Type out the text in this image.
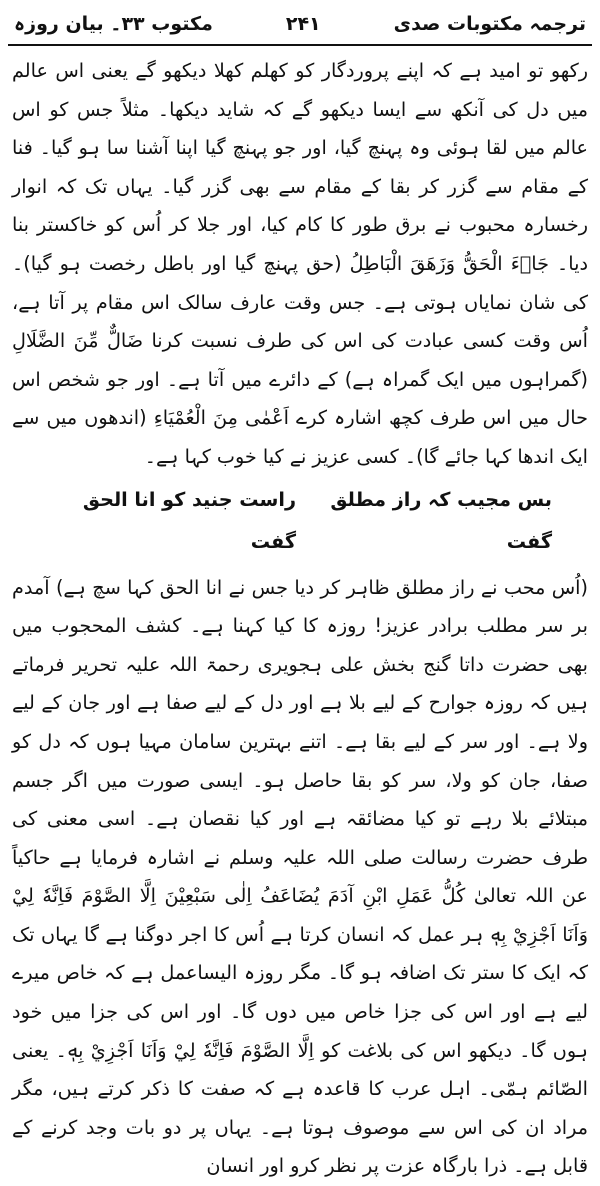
ترجمہ مکتوبات صدی
۲۴۱
مکتوب ۳۳۔ بیان روزہ

رکھو تو امید ہے کہ اپنے پروردگار کو کھلم کھلا دیکھو گے یعنی اس عالم میں دل کی آنکھ سے ایسا دیکھو گے کہ شاید دیکھا۔ مثلاً جس کو اس عالم میں لقا ہوئی وہ پہنچ گیا، اور جو پہنچ گیا اپنا آشنا سا ہو گیا۔ فنا کے مقام سے گزر کر بقا کے مقام سے بھی گزر گیا۔ یہاں تک کہ انوار رخسارہ محبوب نے برق طور کا کام کیا، اور جلا کر اُس کو خاکستر بنا دیا۔ جَاۗءَ الْحَقُّ وَزَهَقَ الْبَاطِلُ (حق پہنچ گیا اور باطل رخصت ہو گیا)۔ کی شان نمایاں ہوتی ہے۔ جس وقت عارف سالک اس مقام پر آتا ہے، اُس وقت کسی عبادت کی اس کی طرف نسبت کرنا ضَالٌّ مِّنَ الضَّلَالِ (گمراہوں میں ایک گمراہ ہے) کے دائرے میں آتا ہے۔ اور جو شخص اس حال میں اس طرف کچھ اشارہ کرے اَعْمٰی مِنَ الْعُمْيَاءِ (اندھوں میں سے ایک اندھا کہا جائے گا)۔ کسی عزیز نے کیا خوب کہا ہے۔

بس مجیب کہ راز مطلق گفت
راست جنید کو انا الحق گفت

(اُس محب نے راز مطلق ظاہر کر دیا جس نے انا الحق کہا سچ ہے) آمدم بر سر مطلب برادر عزیز! روزہ کا کیا کہنا ہے۔ کشف المحجوب میں بھی حضرت داتا گنج بخش علی ہجویری رحمۃ اللہ علیہ تحریر فرماتے ہیں کہ روزہ جوارح کے لیے بلا ہے اور دل کے لیے صفا ہے اور جان کے لیے ولا ہے۔ اور سر کے لیے بقا ہے۔ اتنے بہترین سامان مہیا ہوں کہ دل کو صفا، جان کو ولا، سر کو بقا حاصل ہو۔ ایسی صورت میں اگر جسم مبتلائے بلا رہے تو کیا مضائقہ ہے اور کیا نقصان ہے۔ اسی معنی کی طرف حضرت رسالت صلی اللہ علیہ وسلم نے اشارہ فرمایا ہے حاکیاً عن اللہ تعالیٰ كُلُّ عَمَلِ ابْنِ آدَمَ يُضَاعَفُ اِلٰى سَبْعِيْنَ اِلَّا الصَّوْمَ فَاِنَّهٗ لِيْ وَاَنَا اَجْزِيْ بِهٖ ہر عمل کہ انسان کرتا ہے اُس کا اجر دوگنا ہے گا یہاں تک کہ ایک کا ستر تک اضافہ ہو گا۔ مگر روزہ الیساعمل ہے کہ خاص میرے لیے ہے اور اس کی جزا خاص میں دوں گا۔ اور اس کی جزا میں خود ہوں گا۔ دیکھو اس کی بلاغت کو اِلَّا الصَّوْمَ فَاِنَّهٗ لِيْ وَاَنَا اَجْزِيْ بِهٖ۔ یعنی الصّائم ہمّی۔ اہل عرب کا قاعدہ ہے کہ صفت کا ذکر کرتے ہیں، مگر مراد ان کی اس سے موصوف ہوتا ہے۔ یہاں پر دو بات وجد کرنے کے قابل ہے۔ ذرا بارگاہ عزت پر نظر کرو اور انسان
